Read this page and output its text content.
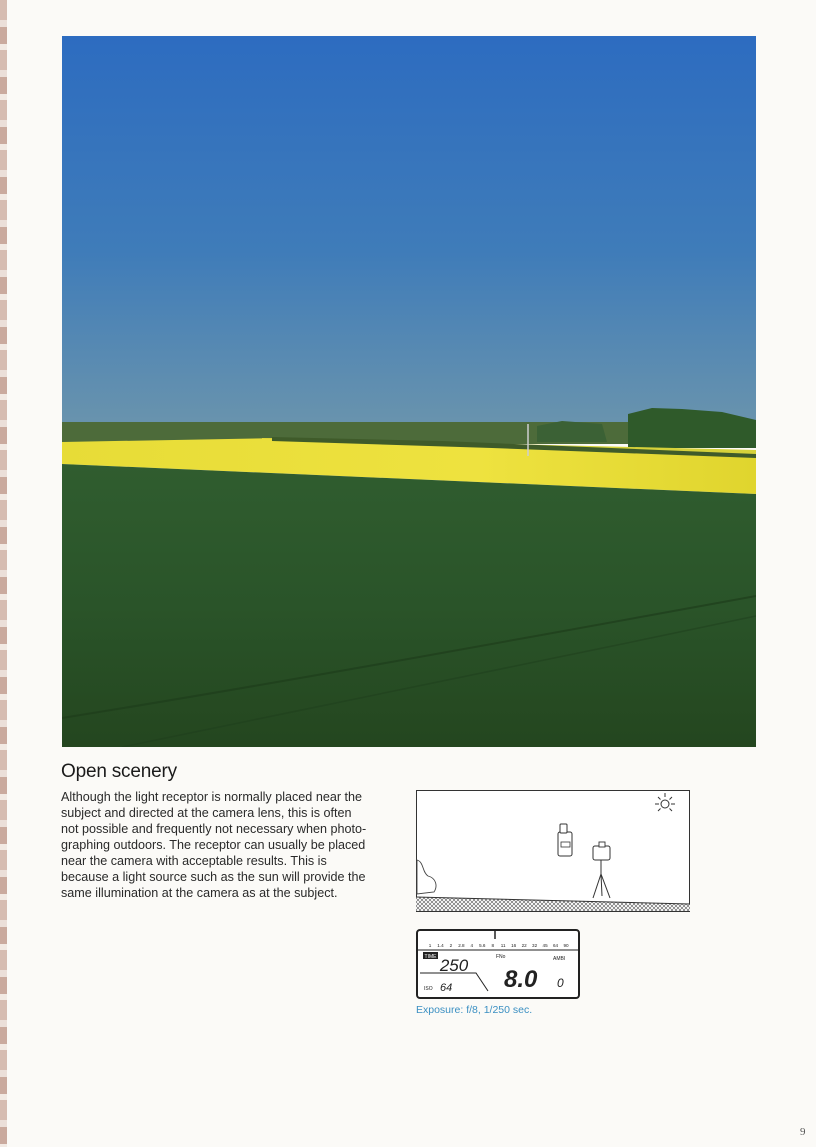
Open scenery
Although the light receptor is normally placed near the
subject and directed at the camera lens, this is often
not possible and frequently not necessary when photo-
graphing outdoors. The receptor can usually be placed
near the camera with acceptable results. This is
because a light source such as the sun will provide the
same illumination at the camera as at the subject.
1 1.4 2 2.8 4 5.6 8 11 16 22 32 45 64 90
TIME 250
ISO 64
FNo
8.0 0
AMBI
Exposure: f/8, 1/250 sec.
9
